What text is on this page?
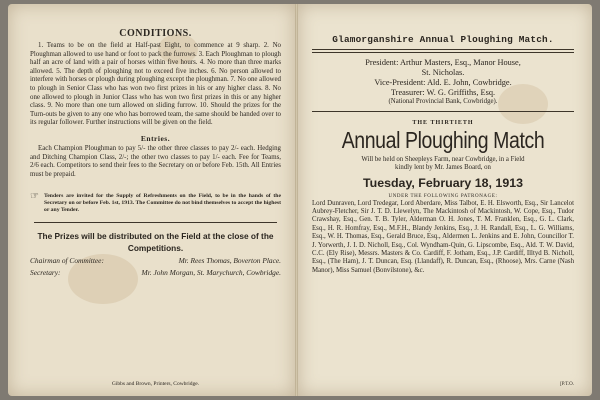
CONDITIONS.

1. Teams to be on the field at Half-past Eight, to commence at 9 sharp. 2. No Ploughman allowed to use hand or foot to pack the furrows. 3. Each Ploughman to plough half an acre of land with a pair of horses within five hours. 4. No more than three marks allowed. 5. The depth of ploughing not to exceed five inches. 6. No person allowed to interfere with horses or plough during ploughing except the ploughman. 7. No one allowed to plough in Senior Class who has won two first prizes in his or any higher class. 8. No one allowed to plough in Junior Class who has won two first prizes in this or any higher class. 9. No more than one turn allowed on sliding furrow. 10. Should the prizes for the Turn-outs be given to any one who has borrowed team, the same should be handed over to its regular follower. Further instructions will be given on the field.

Entries.

Each Champion Ploughman to pay 5/- the other three classes to pay 2/- each. Hedging and Ditching Champion Class, 2/-; the other two classes to pay 1/- each. Fee for Teams, 2/6 each. Competitors to send their fees to the Secretary on or before Feb. 15th. All Entries must be prepaid.

☞ Tenders are invited for the Supply of Refreshments on the Field, to be in the hands of the Secretary on or before Feb. 1st, 1913. The Committee do not bind themselves to accept the highest or any Tender.
The Prizes will be distributed on the Field at the close of the Competitions.
Chairman of Committee:	Mr. Rees Thomas, Boverton Place.
Secretary:	Mr. John Morgan, St. Marychurch, Cowbridge.
Gibbs and Brown, Printers, Cowbridge.
Glamorganshire Annual Ploughing Match.
President: Arthur Masters, Esq., Manor House,
St. Nicholas.
Vice-President: Ald. E. John, Cowbridge.
Treasurer: W. G. Griffiths, Esq.
(National Provincial Bank, Cowbridge).
THE THIRTIETH
Annual Ploughing Match
Will be held on Sheepleys Farm, near Cowbridge, in a Field
kindly lent by Mr. James Board, on
Tuesday, February 18, 1913
UNDER THE FOLLOWING PATRONAGE:

Lord Dunraven, Lord Tredegar, Lord Aberdare, Miss Talbot, E. H. Elsworth, Esq., Sir Lancelot Aubrey-Fletcher, Sir J. T. D. Llewelyn, The Mackintosh of Mackintosh, W. Cope, Esq., Tudor Crawshay, Esq., Gen. T. B. Tyler, Alderman O. H. Jones, T. M. Franklen, Esq., G. L. Clark, Esq., H. R. Homfray, Esq., M.F.H., Blandy Jenkins, Esq., J. H. Randall, Esq., L. G. Williams, Esq., W. H. Thomas, Esq., Gerald Bruce, Esq., Aldermen L. Jenkins and E. John, Councillor T. J. Yorwerth, J. I. D. Nicholl, Esq., Col. Wyndham-Quin, G. Lipscombe, Esq., Ald. T. W. David, C.C. (Ely Rise), Messrs. Masters & Co. Cardiff, F. Jotham, Esq., J.P. Cardiff, Illtyd B. Nicholl, Esq., (The Ham), J. T. Duncan, Esq. (Llandaff), R. Duncan, Esq., (Rhoose), Mrs. Carne (Nash Manor), Miss Samuel (Bonvilstone), &c.

[P.T.O.
